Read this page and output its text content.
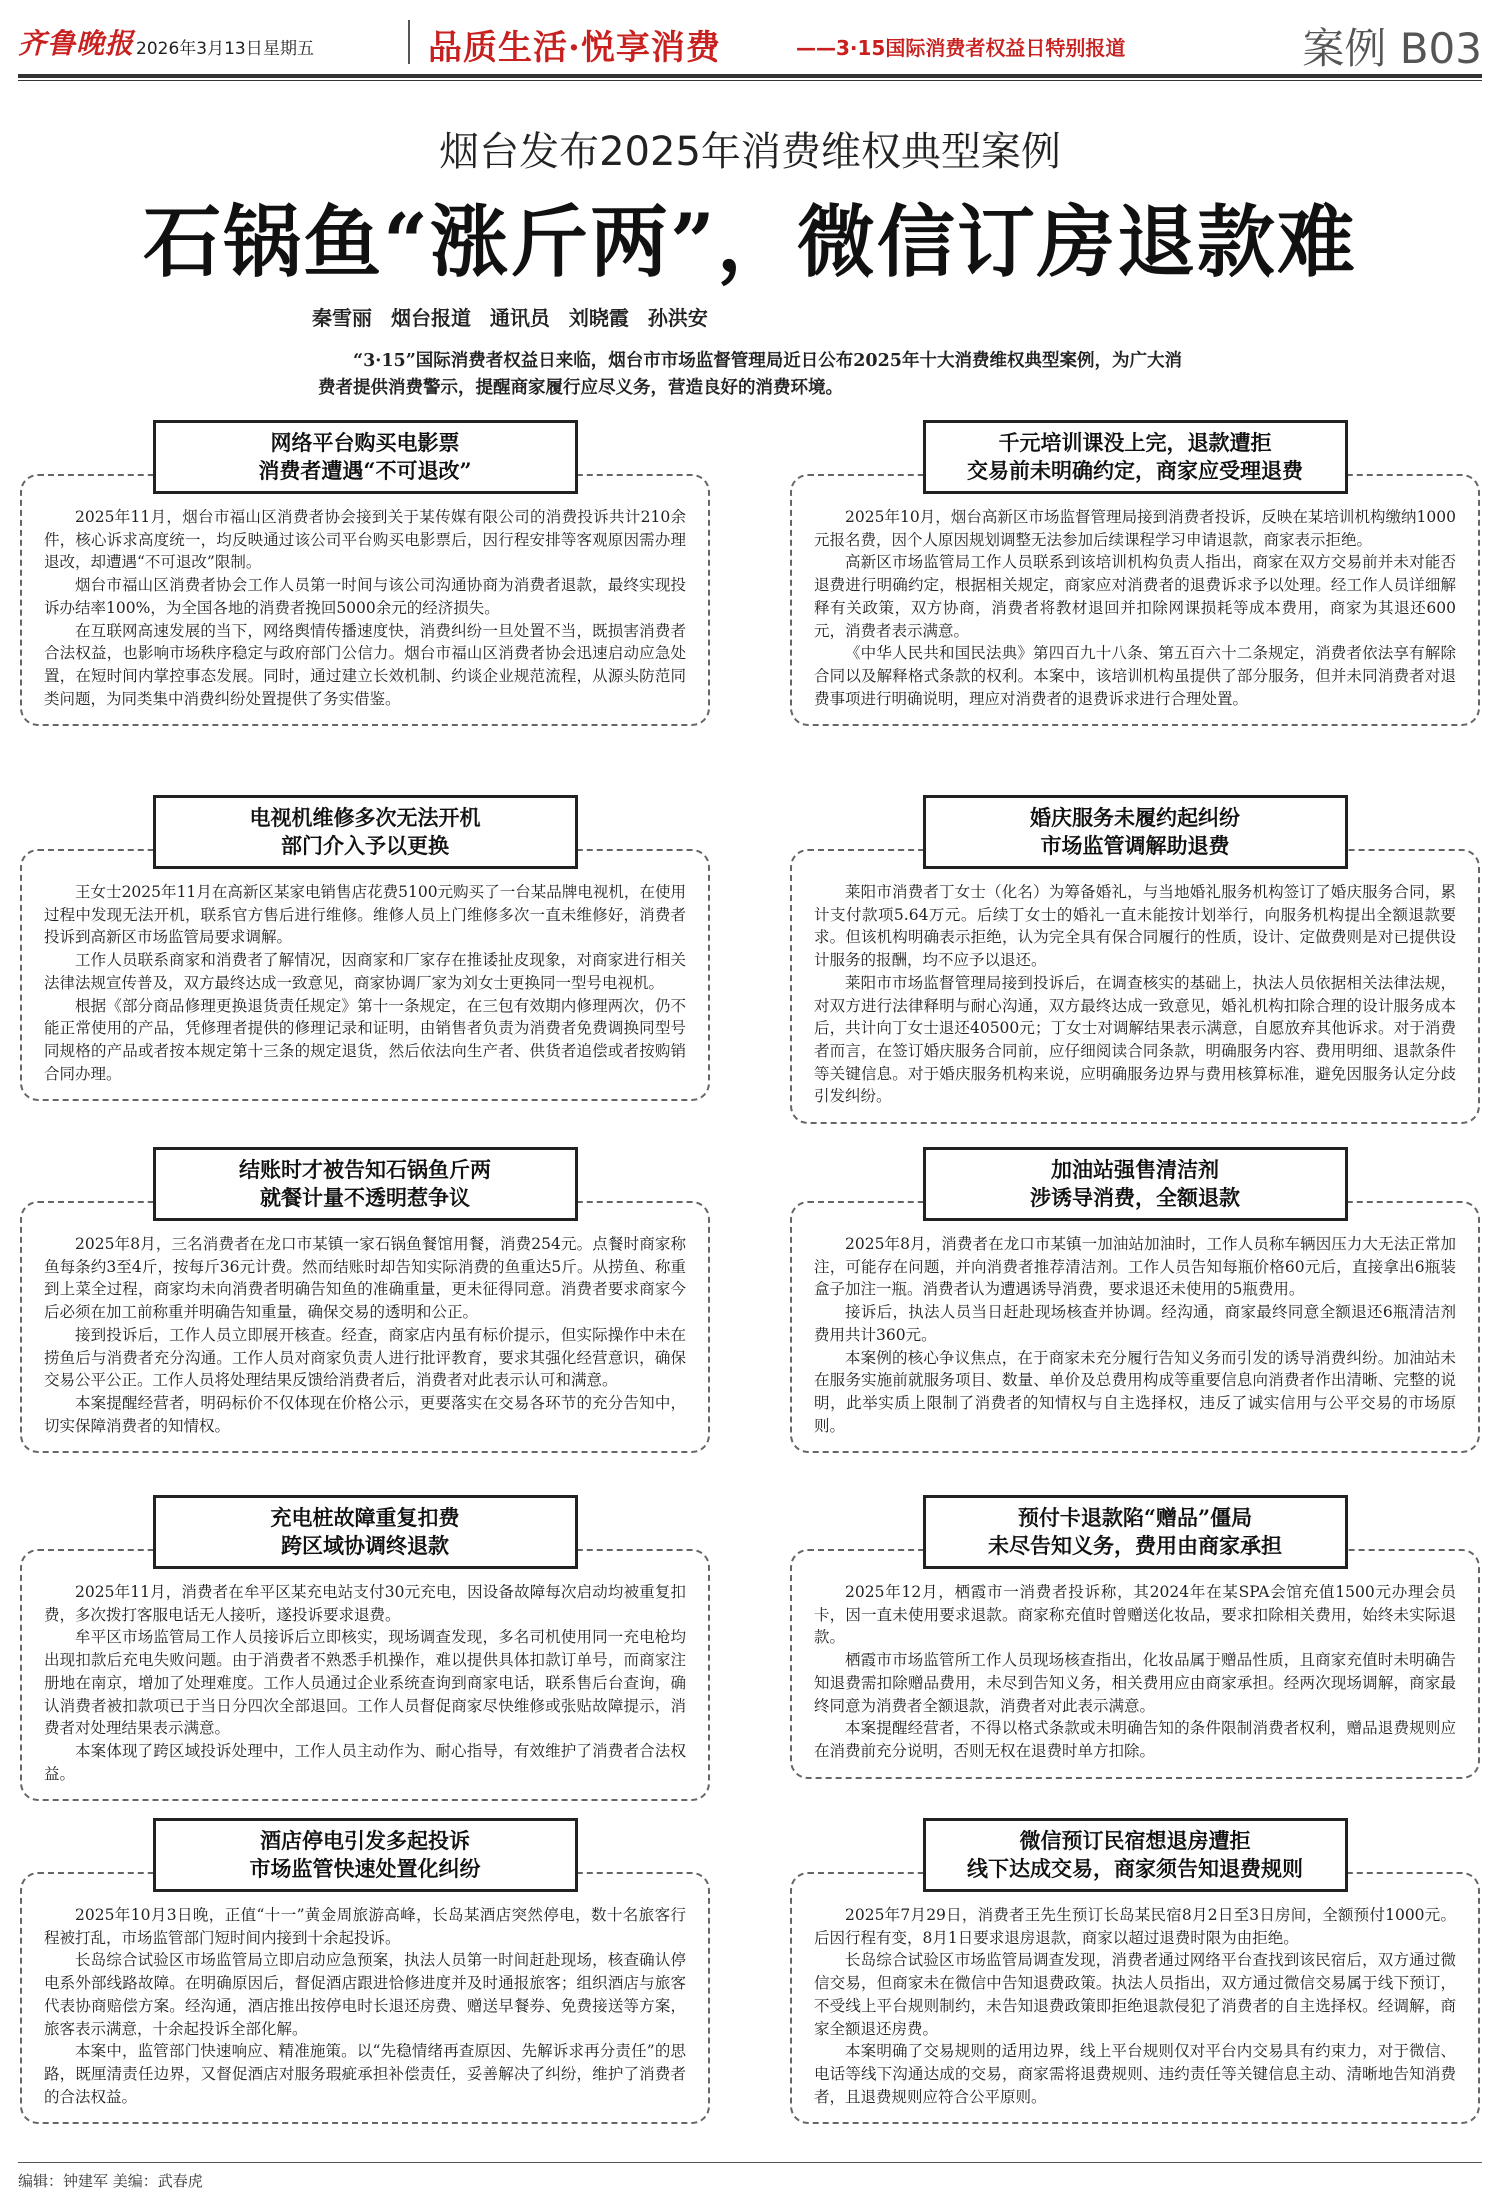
齐鲁晚报 2026年3月13日 星期五	品质生活·悦享消费	——3·15国际消费者权益日特别报道	案例 B03
烟台发布2025年消费维权典型案例
石锅鱼“涨斤两”，微信订房退款难
秦雪丽 烟台报道 通讯员 刘晓霞 孙洪安

“3·15”国际消费者权益日来临，烟台市市场监督管理局近日公布2025年十大消费维权典型案例，为广大消费者提供消费警示，提醒商家履行应尽义务，营造良好的消费环境。

网络平台购买电影票
消费者遭遇“不可退改”

2025年11月，烟台市福山区消费者协会接到关于某传媒有限公司的消费投诉共计210余件，核心诉求高度统一，均反映通过该公司平台购买电影票后，因行程安排等客观原因需办理退改，却遭遇“不可退改”限制。

烟台市福山区消费者协会工作人员第一时间与该公司沟通协商为消费者退款，最终实现投诉办结率100%，为全国各地的消费者挽回5000余元的经济损失。

在互联网高速发展的当下，网络舆情传播速度快，消费纠纷一旦处置不当，既损害消费者合法权益，也影响市场秩序稳定与政府部门公信力。烟台市福山区消费者协会迅速启动应急处置，在短时间内掌控事态发展。同时，通过建立长效机制、约谈企业规范流程，从源头防范同类问题，为同类集中消费纠纷处置提供了务实借鉴。

千元培训课没上完，退款遭拒
交易前未明确约定，商家应受理退费

2025年10月，烟台高新区市场监督管理局接到消费者投诉，反映在某培训机构缴纳1000元报名费，因个人原因规划调整无法参加后续课程学习申请退款，商家表示拒绝。

高新区市场监管局工作人员联系到该培训机构负责人指出，商家在双方交易前并未对能否退费进行明确约定，根据相关规定，商家应对消费者的退费诉求予以处理。经工作人员详细解释有关政策，双方协商，消费者将教材退回并扣除网课损耗等成本费用，商家为其退还600元，消费者表示满意。

《中华人民共和国民法典》第四百九十八条、第五百六十二条规定，消费者依法享有解除合同以及解释格式条款的权利。本案中，该培训机构虽提供了部分服务，但并未同消费者对退费事项进行明确说明，理应对消费者的退费诉求进行合理处置。

电视机维修多次无法开机
部门介入予以更换

王女士2025年11月在高新区某家电销售店花费5100元购买了一台某品牌电视机，在使用过程中发现无法开机，联系官方售后进行维修。维修人员上门维修多次一直未维修好，消费者投诉到高新区市场监管局要求调解。

工作人员联系商家和消费者了解情况，因商家和厂家存在推诿扯皮现象，对商家进行相关法律法规宣传普及，双方最终达成一致意见，商家协调厂家为刘女士更换同一型号电视机。

根据《部分商品修理更换退货责任规定》第十一条规定，在三包有效期内修理两次，仍不能正常使用的产品，凭修理者提供的修理记录和证明，由销售者负责为消费者免费调换同型号同规格的产品或者按本规定第十三条的规定退货，然后依法向生产者、供货者追偿或者按购销合同办理。

婚庆服务未履约起纠纷
市场监管调解助退费

莱阳市消费者丁女士（化名）为筹备婚礼，与当地婚礼服务机构签订了婚庆服务合同，累计支付款项5.64万元。后续丁女士的婚礼一直未能按计划举行，向服务机构提出全额退款要求。但该机构明确表示拒绝，认为完全具有保合同履行的性质，设计、定做费则是对已提供设计服务的报酬，均不应予以退还。

莱阳市市场监督管理局接到投诉后，在调查核实的基础上，执法人员依据相关法律法规，对双方进行法律释明与耐心沟通，双方最终达成一致意见，婚礼机构扣除合理的设计服务成本后，共计向丁女士退还40500元；丁女士对调解结果表示满意，自愿放弃其他诉求。对于消费者而言，在签订婚庆服务合同前，应仔细阅读合同条款，明确服务内容、费用明细、退款条件等关键信息。对于婚庆服务机构来说，应明确服务边界与费用核算标准，避免因服务认定分歧引发纠纷。

结账时才被告知石锅鱼斤两
就餐计量不透明惹争议

2025年8月，三名消费者在龙口市某镇一家石锅鱼餐馆用餐，消费254元。点餐时商家称鱼每条约3至4斤，按每斤36元计费。然而结账时却告知实际消费的鱼重达5斤。从捞鱼、称重到上菜全过程，商家均未向消费者明确告知鱼的准确重量，更未征得同意。消费者要求商家今后必须在加工前称重并明确告知重量，确保交易的透明和公正。

接到投诉后，工作人员立即展开核查。经查，商家店内虽有标价提示，但实际操作中未在捞鱼后与消费者充分沟通。工作人员对商家负责人进行批评教育，要求其强化经营意识，确保交易公平公正。工作人员将处理结果反馈给消费者后，消费者对此表示认可和满意。

本案提醒经营者，明码标价不仅体现在价格公示，更要落实在交易各环节的充分告知中，切实保障消费者的知情权。

加油站强售清洁剂
涉诱导消费，全额退款

2025年8月，消费者在龙口市某镇一加油站加油时，工作人员称车辆因压力大无法正常加注，可能存在问题，并向消费者推荐清洁剂。工作人员告知每瓶价格60元后，直接拿出6瓶装盒子加注一瓶。消费者认为遭遇诱导消费，要求退还未使用的5瓶费用。

接诉后，执法人员当日赶赴现场核查并协调。经沟通，商家最终同意全额退还6瓶清洁剂费用共计360元。

本案例的核心争议焦点，在于商家未充分履行告知义务而引发的诱导消费纠纷。加油站未在服务实施前就服务项目、数量、单价及总费用构成等重要信息向消费者作出清晰、完整的说明，此举实质上限制了消费者的知情权与自主选择权，违反了诚实信用与公平交易的市场原则。

充电桩故障重复扣费
跨区域协调终退款

2025年11月，消费者在牟平区某充电站支付30元充电，因设备故障每次启动均被重复扣费，多次拨打客服电话无人接听，遂投诉要求退费。

牟平区市场监管局工作人员接诉后立即核实，现场调查发现，多名司机使用同一充电枪均出现扣款后充电失败问题。由于消费者不熟悉手机操作，难以提供具体扣款订单号，而商家注册地在南京，增加了处理难度。工作人员通过企业系统查询到商家电话，联系售后台查询，确认消费者被扣款项已于当日分四次全部退回。工作人员督促商家尽快维修或张贴故障提示，消费者对处理结果表示满意。

本案体现了跨区域投诉处理中，工作人员主动作为、耐心指导，有效维护了消费者合法权益。

预付卡退款陷“赠品”僵局
未尽告知义务，费用由商家承担

2025年12月，栖霞市一消费者投诉称，其2024年在某SPA会馆充值1500元办理会员卡，因一直未使用要求退款。商家称充值时曾赠送化妆品，要求扣除相关费用，始终未实际退款。

栖霞市市场监管所工作人员现场核查指出，化妆品属于赠品性质，且商家充值时未明确告知退费需扣除赠品费用，未尽到告知义务，相关费用应由商家承担。经两次现场调解，商家最终同意为消费者全额退款，消费者对此表示满意。

本案提醒经营者，不得以格式条款或未明确告知的条件限制消费者权利，赠品退费规则应在消费前充分说明，否则无权在退费时单方扣除。

酒店停电引发多起投诉
市场监管快速处置化纠纷

2025年10月3日晚，正值“十一”黄金周旅游高峰，长岛某酒店突然停电，数十名旅客行程被打乱，市场监管部门短时间内接到十余起投诉。

长岛综合试验区市场监管局立即启动应急预案，执法人员第一时间赶赴现场，核查确认停电系外部线路故障。在明确原因后，督促酒店跟进恰修进度并及时通报旅客；组织酒店与旅客代表协商赔偿方案。经沟通，酒店推出按停电时长退还房费、赠送早餐券、免费接送等方案，旅客表示满意，十余起投诉全部化解。

本案中，监管部门快速响应、精准施策。以“先稳情绪再查原因、先解诉求再分责任”的思路，既厘清责任边界，又督促酒店对服务瑕疵承担补偿责任，妥善解决了纠纷，维护了消费者的合法权益。

微信预订民宿想退房遭拒
线下达成交易，商家须告知退费规则

2025年7月29日，消费者王先生预订长岛某民宿8月2日至3日房间，全额预付1000元。后因行程有变，8月1日要求退房退款，商家以超过退费时限为由拒绝。

长岛综合试验区市场监管局调查发现，消费者通过网络平台查找到该民宿后，双方通过微信交易，但商家未在微信中告知退费政策。执法人员指出，双方通过微信交易属于线下预订，不受线上平台规则制约，未告知退费政策即拒绝退款侵犯了消费者的自主选择权。经调解，商家全额退还房费。

本案明确了交易规则的适用边界，线上平台规则仅对平台内交易具有约束力，对于微信、电话等线下沟通达成的交易，商家需将退费规则、违约责任等关键信息主动、清晰地告知消费者，且退费规则应符合公平原则。

编辑：钟建军 美编：武春虎
